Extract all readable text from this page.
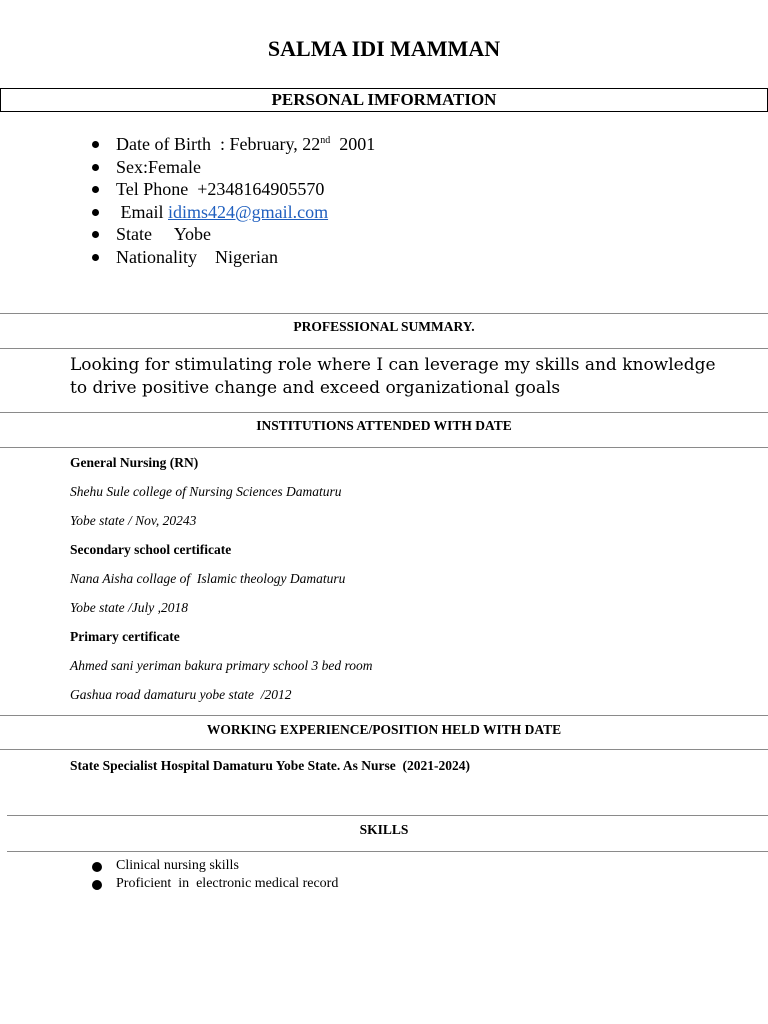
SALMA IDI MAMMAN
PERSONAL IMFORMATION
Date of Birth  : February, 22nd  2001
Sex:Female
Tel Phone  +2348164905570
Email idims424@gmail.com
State     Yobe
Nationality    Nigerian
PROFESSIONAL SUMMARY.
Looking for stimulating role where I can leverage my skills and knowledge to drive positive change and exceed organizational goals
INSTITUTIONS ATTENDED WITH DATE
General Nursing (RN)
Shehu Sule college of Nursing Sciences Damaturu
Yobe state / Nov, 20243
Secondary school certificate
Nana Aisha collage of  Islamic theology Damaturu
Yobe state /July ,2018
Primary certificate
Ahmed sani yeriman bakura primary school 3 bed room
Gashua road damaturu yobe state  /2012
WORKING EXPERIENCE/POSITION HELD WITH DATE
State Specialist Hospital Damaturu Yobe State. As Nurse  (2021-2024)
SKILLS
Clinical nursing skills
Proficient  in  electronic medical record
